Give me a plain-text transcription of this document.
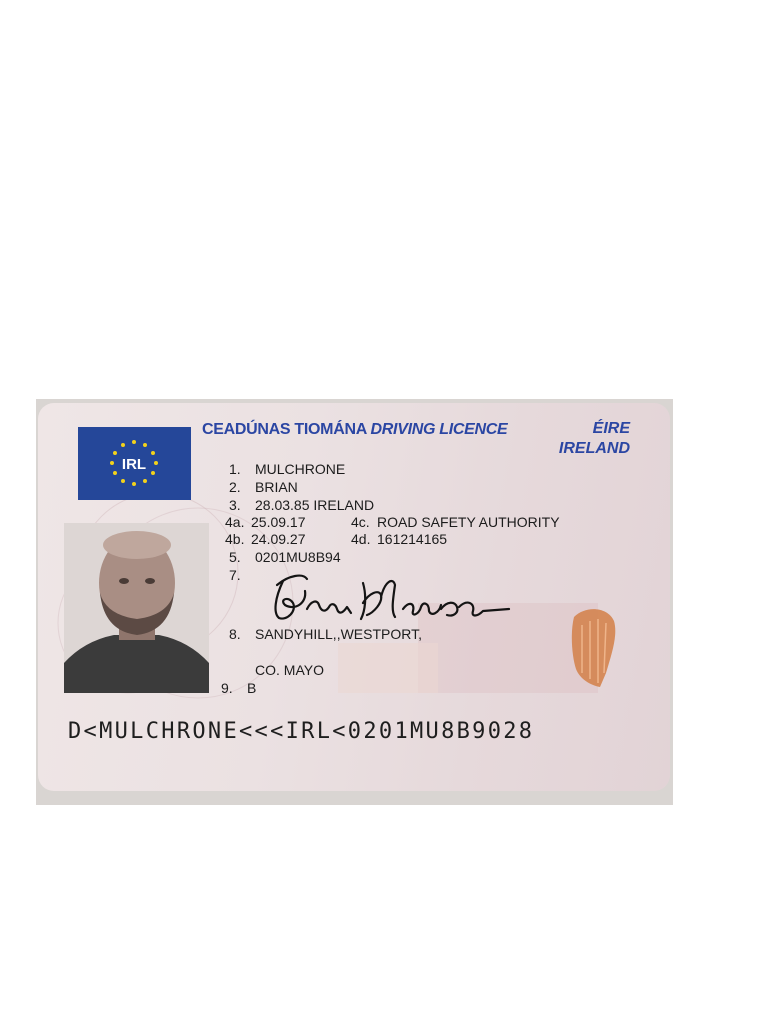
IRL
CEADÚNAS TIOMÁNA DRIVING LICENCE	ÉIRE
IRELAND
1. MULCHRONE
2. BRIAN
3. 28.03.85 IRELAND
4a. 25.09.17	4c. ROAD SAFETY AUTHORITY
4b. 24.09.27	4d. 161214165
5. 0201MU8B94
7.
8. SANDYHILL,,WESTPORT,
CO. MAYO
9. B
D<MULCHRONE<<<IRL<0201MU8B9028
